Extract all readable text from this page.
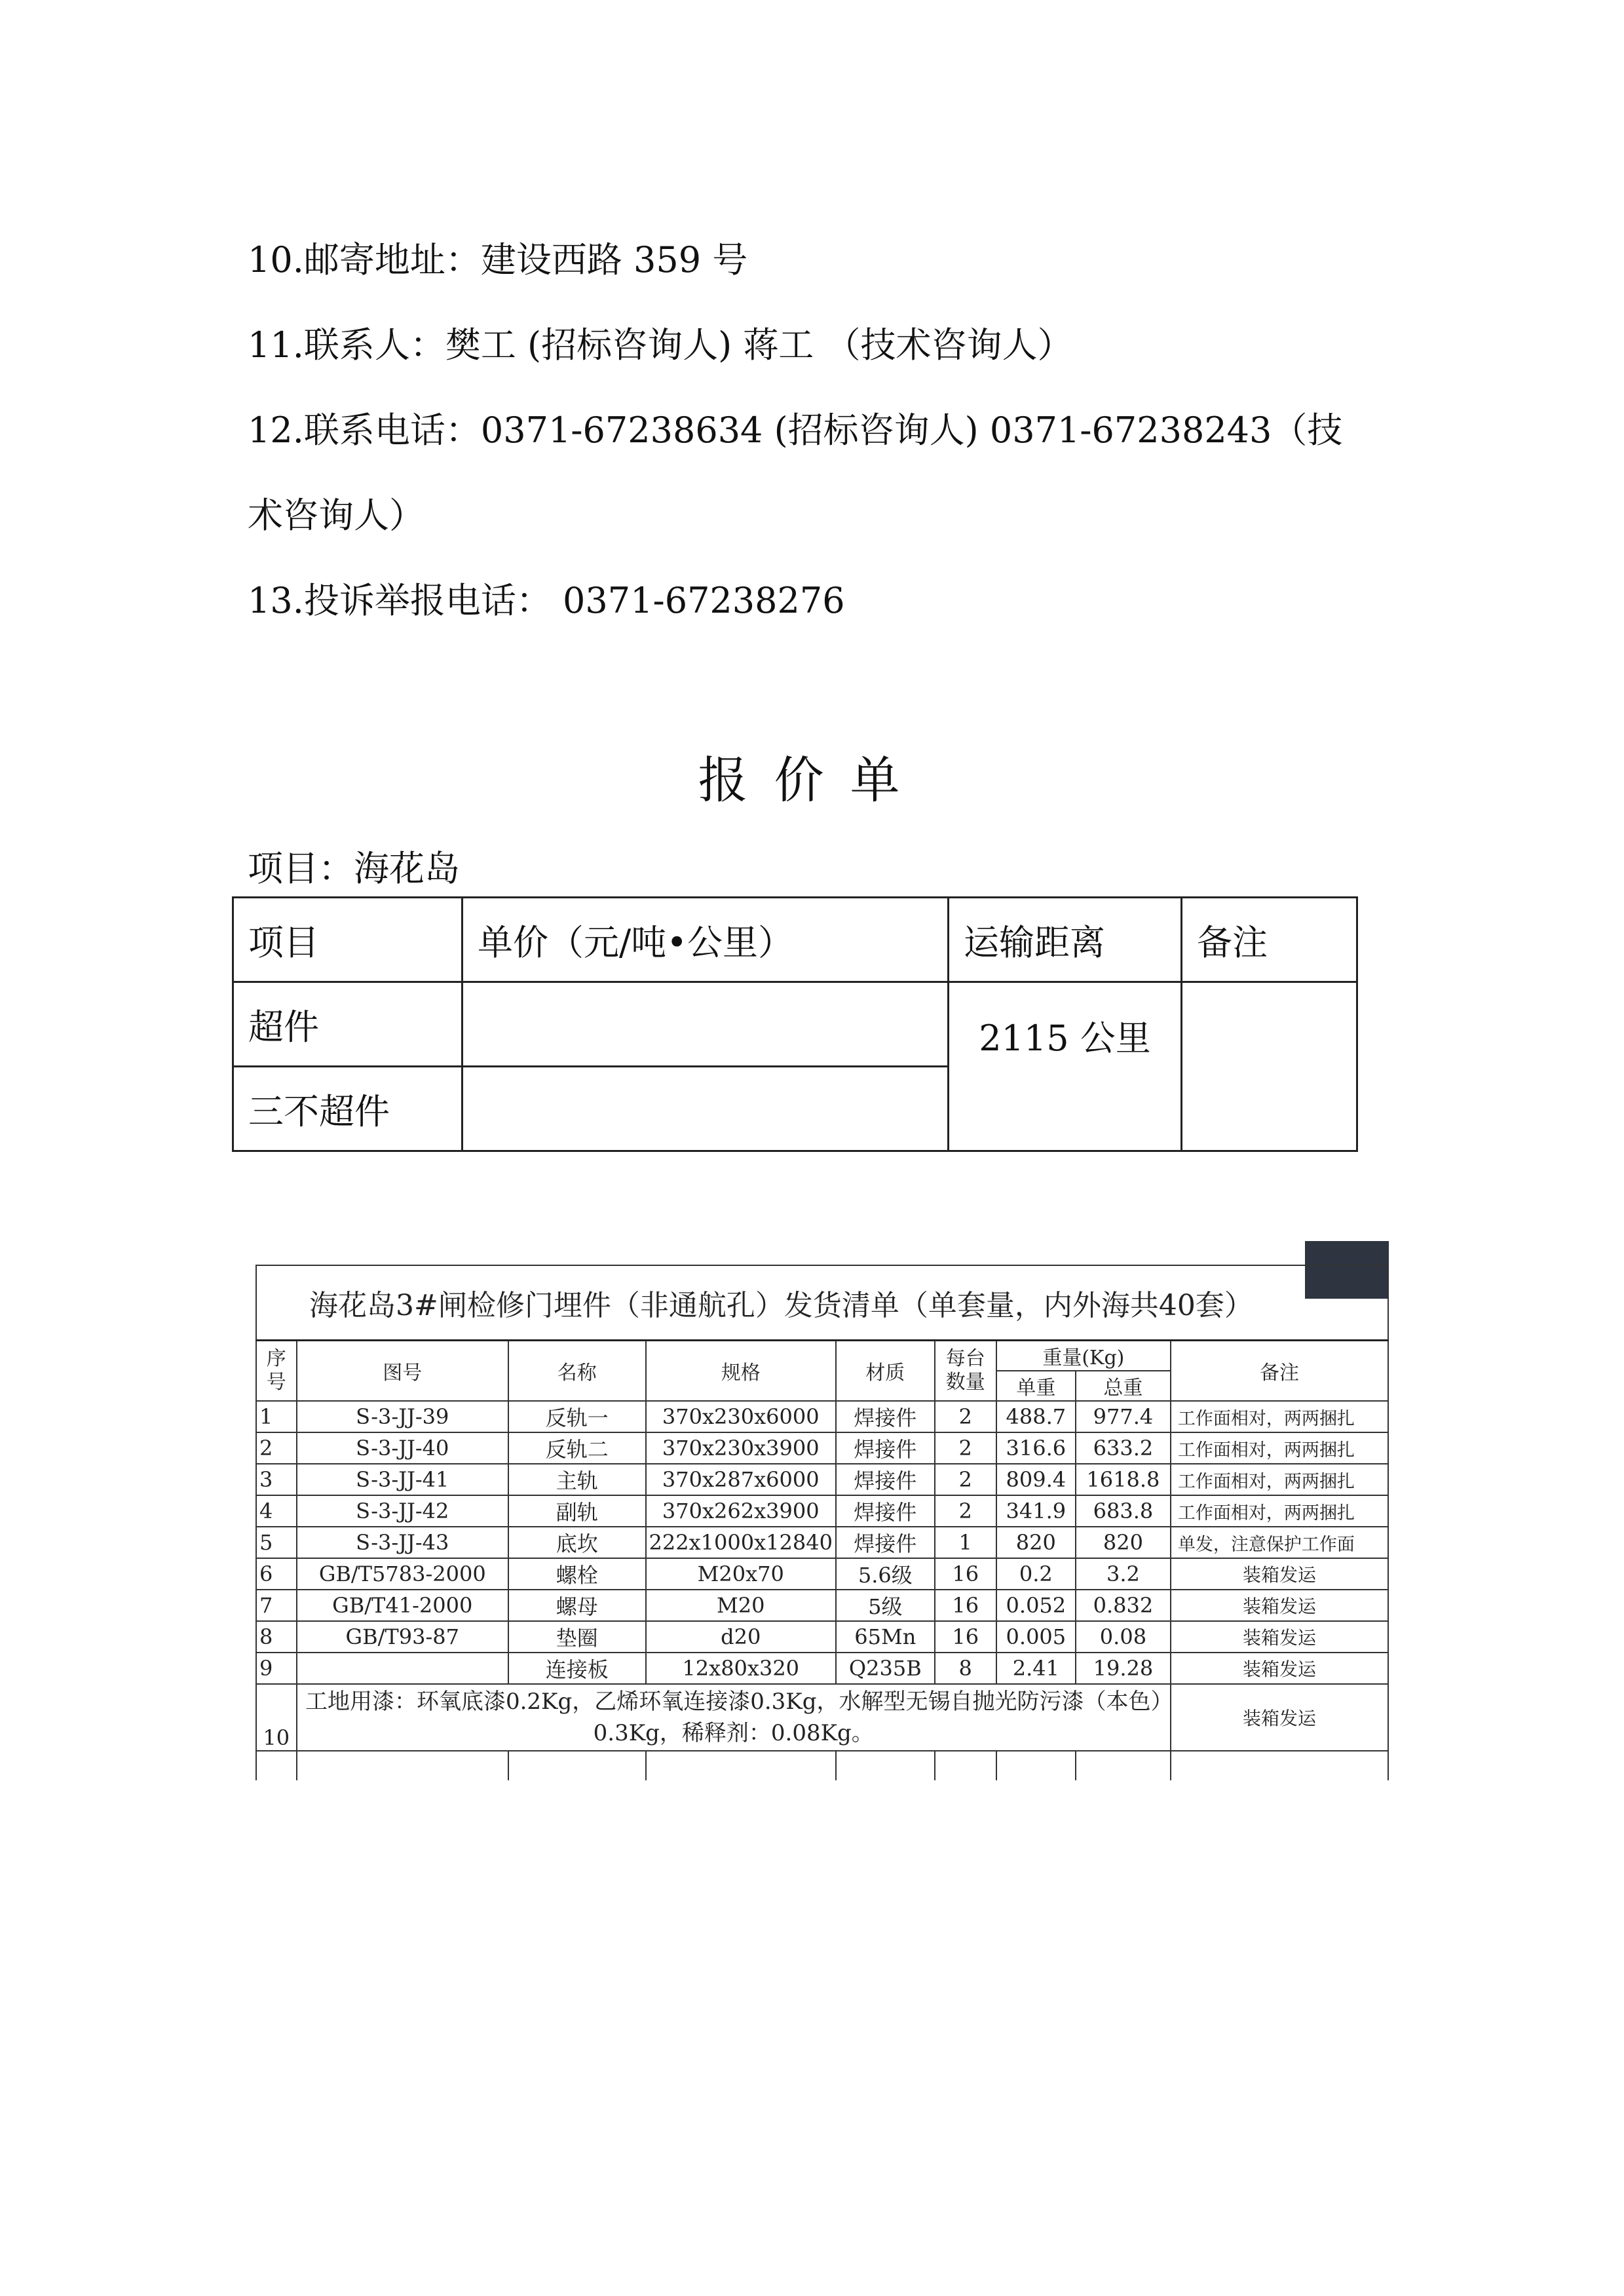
10.邮寄地址：建设西路 359 号
11.联系人：樊工 (招标咨询人) 蒋工 （技术咨询人）
12.联系电话：0371-67238634 (招标咨询人) 0371-67238243（技
术咨询人）
13.投诉举报电话： 0371-67238276
报价单
项目：海花岛
项目	单价（元/吨•公里）	运输距离	备注
超件		2115 公里	
三不超件			
海花岛3#闸检修门埋件（非通航孔）发货清单（单套量，内外海共40套）								
序号	图号	名称	规格	材质	每台数量	重量(Kg)		备注
						单重	总重	
1	S-3-JJ-39	反轨一	370x230x6000	焊接件	2	488.7	977.4	工作面相对，两两捆扎
2	S-3-JJ-40	反轨二	370x230x3900	焊接件	2	316.6	633.2	工作面相对，两两捆扎
3	S-3-JJ-41	主轨	370x287x6000	焊接件	2	809.4	1618.8	工作面相对，两两捆扎
4	S-3-JJ-42	副轨	370x262x3900	焊接件	2	341.9	683.8	工作面相对，两两捆扎
5	S-3-JJ-43	底坎	222x1000x12840	焊接件	1	820	820	单发，注意保护工作面
6	GB/T5783-2000	螺栓	M20x70	5.6级	16	0.2	3.2	装箱发运
7	GB/T41-2000	螺母	M20	5级	16	0.052	0.832	装箱发运
8	GB/T93-87	垫圈	d20	65Mn	16	0.005	0.08	装箱发运
9		连接板	12x80x320	Q235B	8	2.41	19.28	装箱发运
10	工地用漆：环氧底漆0.2Kg，乙烯环氧连接漆0.3Kg，水解型无锡自抛光防污漆（本色）0.3Kg，稀释剂：0.08Kg。							装箱发运
